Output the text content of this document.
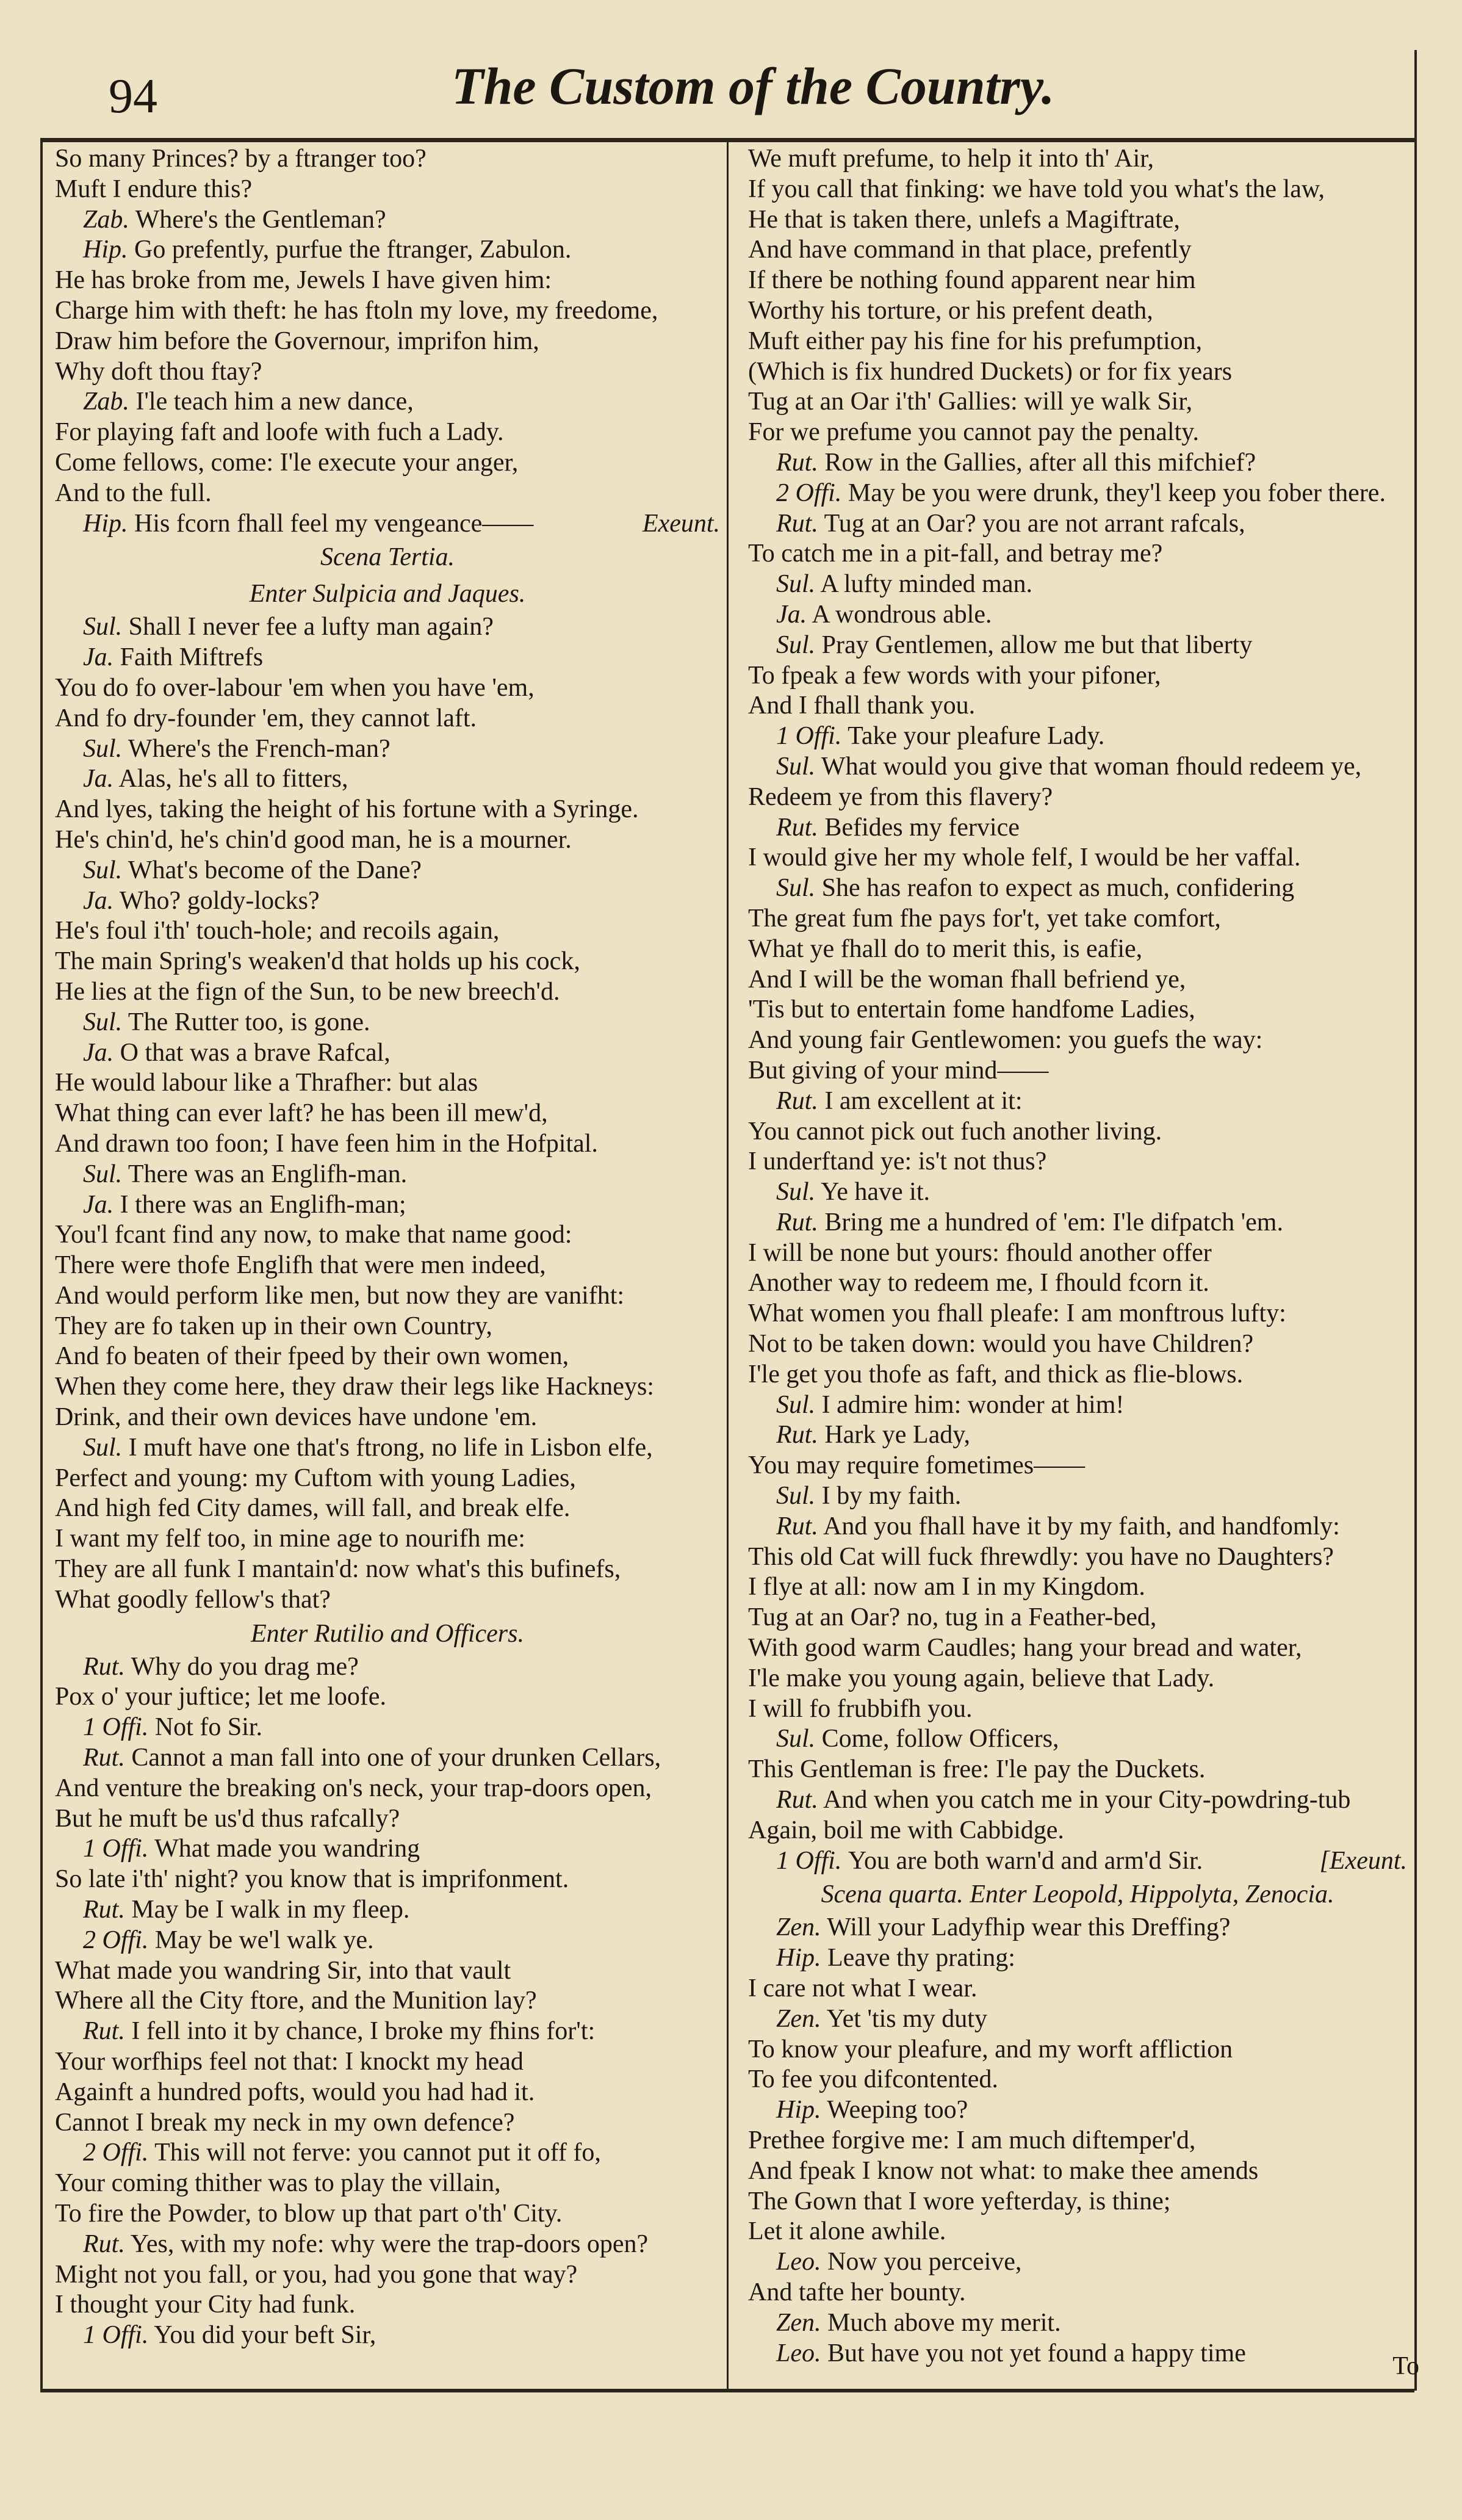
94	The Custom of the Country.
So many Princes? by a ftranger too?
Muft I endure this?
Zab. Where's the Gentleman?
Hip. Go prefently, purfue the ftranger, Zabulon.
He has broke from me, Jewels I have given him:
Charge him with theft: he has ftoln my love, my freedome,
Draw him before the Governour, imprifon him,
Why doft thou ftay?
Zab. I'le teach him a new dance,
For playing faft and loofe with fuch a Lady.
Come fellows, come: I'le execute your anger,
And to the full.
Hip.	Exeunt.
His fcorn fhall feel my vengeance——
Scena Tertia.
Enter Sulpicia and Jaques.
Sul. Shall I never fee a lufty man again?
Ja. Faith Miftrefs
You do fo over-labour 'em when you have 'em,
And fo dry-founder 'em, they cannot laft.
Sul. Where's the French-man?
Ja. Alas, he's all to fitters,
And lyes, taking the height of his fortune with a Syringe.
He's chin'd, he's chin'd good man, he is a mourner.
Sul. What's become of the Dane?
Ja. Who? goldy-locks?
He's foul i'th' touch-hole; and recoils again,
The main Spring's weaken'd that holds up his cock,
He lies at the fign of the Sun, to be new breech'd.
Sul. The Rutter too, is gone.
Ja. O that was a brave Rafcal,
He would labour like a Thrafher: but alas
What thing can ever laft? he has been ill mew'd,
And drawn too foon; I have feen him in the Hofpital.
Sul. There was an Englifh-man.
Ja. I there was an Englifh-man;
You'l fcant find any now, to make that name good:
There were thofe Englifh that were men indeed,
And would perform like men, but now they are vanifht:
They are fo taken up in their own Country,
And fo beaten of their fpeed by their own women,
When they come here, they draw their legs like Hackneys:
Drink, and their own devices have undone 'em.
Sul. I muft have one that's ftrong, no life in Lisbon elfe,
Perfect and young: my Cuftom with young Ladies,
And high fed City dames, will fall, and break elfe.
I want my felf too, in mine age to nourifh me:
They are all funk I mantain'd: now what's this bufinefs,
What goodly fellow's that?
Enter Rutilio and Officers.
Rut. Why do you drag me?
Pox o' your juftice; let me loofe.
1 Offi. Not fo Sir.
Rut. Cannot a man fall into one of your drunken Cellars,
And venture the breaking on's neck, your trap-doors open,
But he muft be us'd thus rafcally?
1 Offi. What made you wandring
So late i'th' night? you know that is imprifonment.
Rut. May be I walk in my fleep.
2 Offi. May be we'l walk ye.
What made you wandring Sir, into that vault
Where all the City ftore, and the Munition lay?
Rut. I fell into it by chance, I broke my fhins for't:
Your worfhips feel not that: I knockt my head
Againft a hundred pofts, would you had had it.
Cannot I break my neck in my own defence?
2 Offi. This will not ferve: you cannot put it off fo,
Your coming thither was to play the villain,
To fire the Powder, to blow up that part o'th' City.
Rut. Yes, with my nofe: why were the trap-doors open?
Might not you fall, or you, had you gone that way?
I thought your City had funk.
1 Offi. You did your beft Sir,
We muft prefume, to help it into th' Air,
If you call that finking: we have told you what's the law,
He that is taken there, unlefs a Magiftrate,
And have command in that place, prefently
If there be nothing found apparent near him
Worthy his torture, or his prefent death,
Muft either pay his fine for his prefumption,
(Which is fix hundred Duckets) or for fix years
Tug at an Oar i'th' Gallies: will ye walk Sir,
For we prefume you cannot pay the penalty.
Rut. Row in the Gallies, after all this mifchief?
2 Offi. May be you were drunk, they'l keep you fober there.
Rut. Tug at an Oar? you are not arrant rafcals,
To catch me in a pit-fall, and betray me?
Sul. A lufty minded man.
Ja. A wondrous able.
Sul. Pray Gentlemen, allow me but that liberty
To fpeak a few words with your pifoner,
And I fhall thank you.
1 Offi. Take your pleafure Lady.
Sul. What would you give that woman fhould redeem ye,
Redeem ye from this flavery?
Rut. Befides my fervice
I would give her my whole felf, I would be her vaffal.
Sul. She has reafon to expect as much, confidering
The great fum fhe pays for't, yet take comfort,
What ye fhall do to merit this, is eafie,
And I will be the woman fhall befriend ye,
'Tis but to entertain fome handfome Ladies,
And young fair Gentlewomen: you guefs the way:
But giving of your mind——
Rut. I am excellent at it:
You cannot pick out fuch another living.
I underftand ye: is't not thus?
Sul. Ye have it.
Rut. Bring me a hundred of 'em: I'le difpatch 'em.
I will be none but yours: fhould another offer
Another way to redeem me, I fhould fcorn it.
What women you fhall pleafe: I am monftrous lufty:
Not to be taken down: would you have Children?
I'le get you thofe as faft, and thick as flie-blows.
Sul. I admire him: wonder at him!
Rut. Hark ye Lady,
You may require fometimes——
Sul. I by my faith.
Rut. And you fhall have it by my faith, and handfomly:
This old Cat will fuck fhrewdly: you have no Daughters?
I flye at all: now am I in my Kingdom.
Tug at an Oar? no, tug in a Feather-bed,
With good warm Caudles; hang your bread and water,
I'le make you young again, believe that Lady.
I will fo frubbifh you.
Sul. Come, follow Officers,
This Gentleman is free: I'le pay the Duckets.
Rut. And when you catch me in your City-powdring-tub
Again, boil me with Cabbidge.
1 Offi.	[Exeunt.
You are both warn'd and arm'd Sir.
Scena quarta. Enter Leopold, Hippolyta, Zenocia.
Zen. Will your Ladyfhip wear this Dreffing?
Hip. Leave thy prating:
I care not what I wear.
Zen. Yet 'tis my duty
To know your pleafure, and my worft affliction
To fee you difcontented.
Hip. Weeping too?
Prethee forgive me: I am much diftemper'd,
And fpeak I know not what: to make thee amends
The Gown that I wore yefterday, is thine;
Let it alone awhile.
Leo. Now you perceive,
And tafte her bounty.
Zen. Much above my merit.
Leo. But have you not yet found a happy time	To
